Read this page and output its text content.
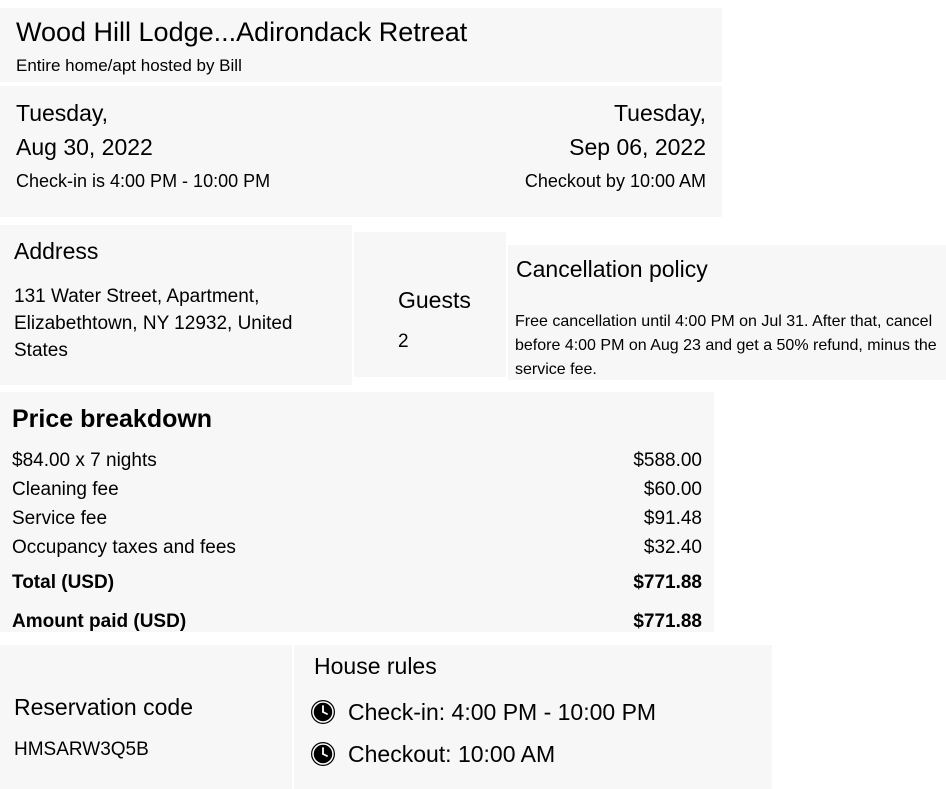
Wood Hill Lodge...Adirondack Retreat
Entire home/apt hosted by Bill
Tuesday,
Aug 30, 2022
Check-in is 4:00 PM - 10:00 PM
Tuesday,
Sep 06, 2022
Checkout by 10:00 AM
Address
131 Water Street, Apartment,
Elizabethtown, NY 12932, United
States
Guests
2
Cancellation policy
Free cancellation until 4:00 PM on Jul 31. After that, cancel before 4:00 PM on Aug 23 and get a 50% refund, minus the service fee.
Price breakdown
$84.00 x 7 nights	$588.00
Cleaning fee	$60.00
Service fee	$91.48
Occupancy taxes and fees	$32.40
Total (USD)	$771.88
Amount paid (USD)	$771.88
Reservation code
HMSARW3Q5B
House rules
Check-in: 4:00 PM - 10:00 PM
Checkout: 10:00 AM
